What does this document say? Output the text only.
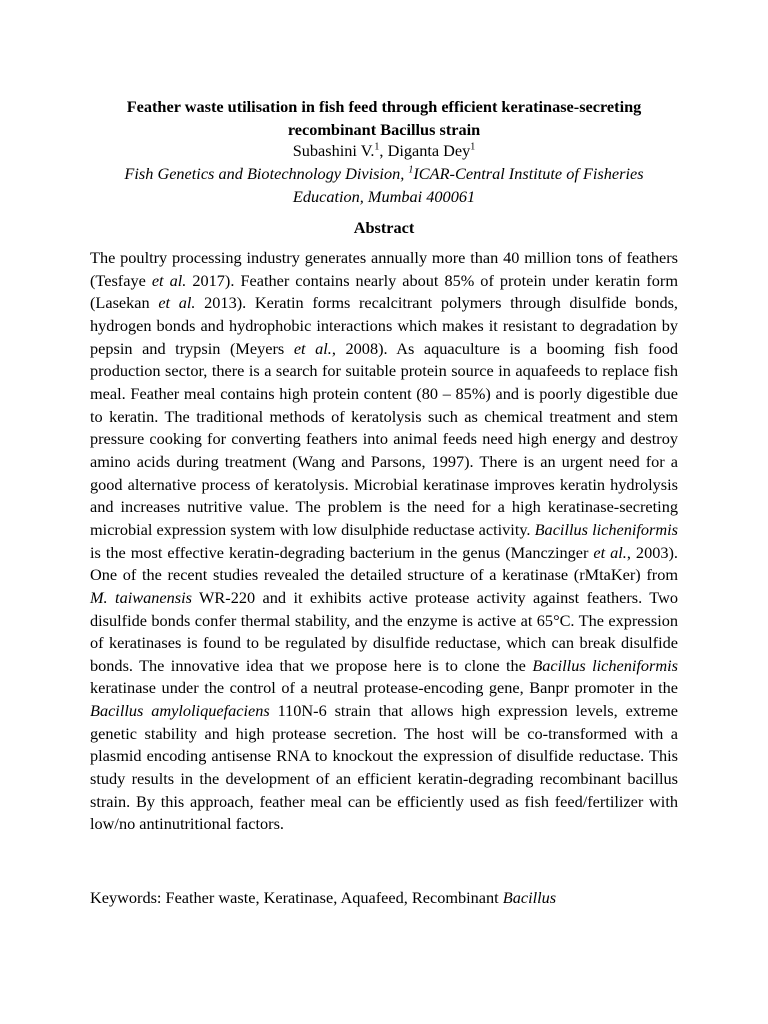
Feather waste utilisation in fish feed through efficient keratinase-secreting recombinant Bacillus strain
Subashini V.$^1$, Diganta Dey$^1$
Fish Genetics and Biotechnology Division, $^1$ICAR-Central Institute of Fisheries Education, Mumbai 400061
Abstract
The poultry processing industry generates annually more than 40 million tons of feathers (Tesfaye et al. 2017). Feather contains nearly about 85% of protein under keratin form (Lasekan et al. 2013). Keratin forms recalcitrant polymers through disulfide bonds, hydrogen bonds and hydrophobic interactions which makes it resistant to degradation by pepsin and trypsin (Meyers et al., 2008). As aquaculture is a booming fish food production sector, there is a search for suitable protein source in aquafeeds to replace fish meal. Feather meal contains high protein content (80 – 85%) and is poorly digestible due to keratin. The traditional methods of keratolysis such as chemical treatment and stem pressure cooking for converting feathers into animal feeds need high energy and destroy amino acids during treatment (Wang and Parsons, 1997). There is an urgent need for a good alternative process of keratolysis. Microbial keratinase improves keratin hydrolysis and increases nutritive value. The problem is the need for a high keratinase-secreting microbial expression system with low disulphide reductase activity. Bacillus licheniformis is the most effective keratin-degrading bacterium in the genus (Manczinger et al., 2003). One of the recent studies revealed the detailed structure of a keratinase (rMtaKer) from M. taiwanensis WR-220 and it exhibits active protease activity against feathers. Two disulfide bonds confer thermal stability, and the enzyme is active at 65°C. The expression of keratinases is found to be regulated by disulfide reductase, which can break disulfide bonds. The innovative idea that we propose here is to clone the Bacillus licheniformis keratinase under the control of a neutral protease-encoding gene, Banpr promoter in the Bacillus amyloliquefaciens 110N-6 strain that allows high expression levels, extreme genetic stability and high protease secretion. The host will be co-transformed with a plasmid encoding antisense RNA to knockout the expression of disulfide reductase. This study results in the development of an efficient keratin-degrading recombinant bacillus strain. By this approach, feather meal can be efficiently used as fish feed/fertilizer with low/no antinutritional factors.
Keywords: Feather waste, Keratinase, Aquafeed, Recombinant Bacillus
